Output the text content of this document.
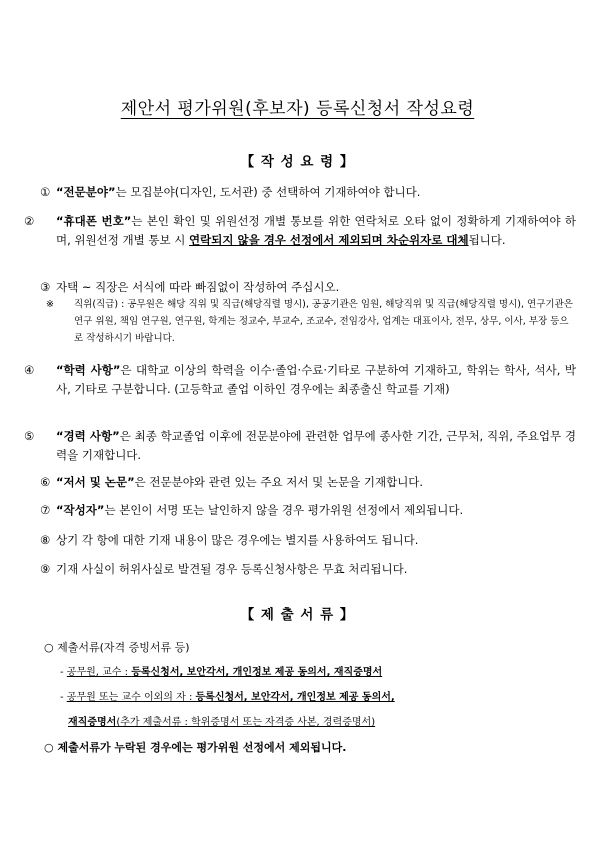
제안서 평가위원(후보자) 등록신청서 작성요령
【 작 성 요 령 】
① “전문분야”는 모집분야(디자인, 도서관) 중 선택하여 기재하여야 합니다.
② “휴대폰 번호”는 본인 확인 및 위원선정 개별 통보를 위한 연락처로 오타 없이 정확하게 기재하여야 하며, 위원선정 개별 통보 시 연락되지 않을 경우 선정에서 제외되며 차순위자로 대체됩니다.
③ 자택 ~ 직장은 서식에 따라 빠짐없이 작성하여 주십시오.
※ 직위(직급) : 공무원은 해당 직위 및 직급(해당직렬 명시), 공공기관은 임원, 해당직위 및 직급(해당직렬 명시), 연구기관은 연구 위원, 책임 연구원, 연구원, 학계는 정교수, 부교수, 조교수, 전임강사, 업계는 대표이사, 전무, 상무, 이사, 부장 등으로 작성하시기 바랍니다.
④ “학력 사항”은 대학교 이상의 학력을 이수·졸업·수료·기타로 구분하여 기재하고, 학위는 학사, 석사, 박사, 기타로 구분합니다. (고등학교 졸업 이하인 경우에는 최종출신 학교를 기재)
⑤ “경력 사항”은 최종 학교졸업 이후에 전문분야에 관련한 업무에 종사한 기간, 근무처, 직위, 주요업무 경력을 기재합니다.
⑥ “저서 및 논문”은 전문분야와 관련 있는 주요 저서 및 논문을 기재합니다.
⑦ “작성자”는 본인이 서명 또는 날인하지 않을 경우 평가위원 선정에서 제외됩니다.
⑧ 상기 각 항에 대한 기재 내용이 많은 경우에는 별지를 사용하여도 됩니다.
⑨ 기재 사실이 허위사실로 발견될 경우 등록신청사항은 무효 처리됩니다.
【 제 출 서 류 】
○ 제출서류(자격 증빙서류 등)
- 공무원, 교수 : 등록신청서, 보안각서, 개인정보 제공 동의서, 재직증명서
- 공무원 또는 교수 이외의 자 : 등록신청서, 보안각서, 개인정보 제공 동의서,
재직증명서(추가 제출서류 : 학위증명서 또는 자격증 사본, 경력증명서)
○ 제출서류가 누락된 경우에는 평가위원 선정에서 제외됩니다.
